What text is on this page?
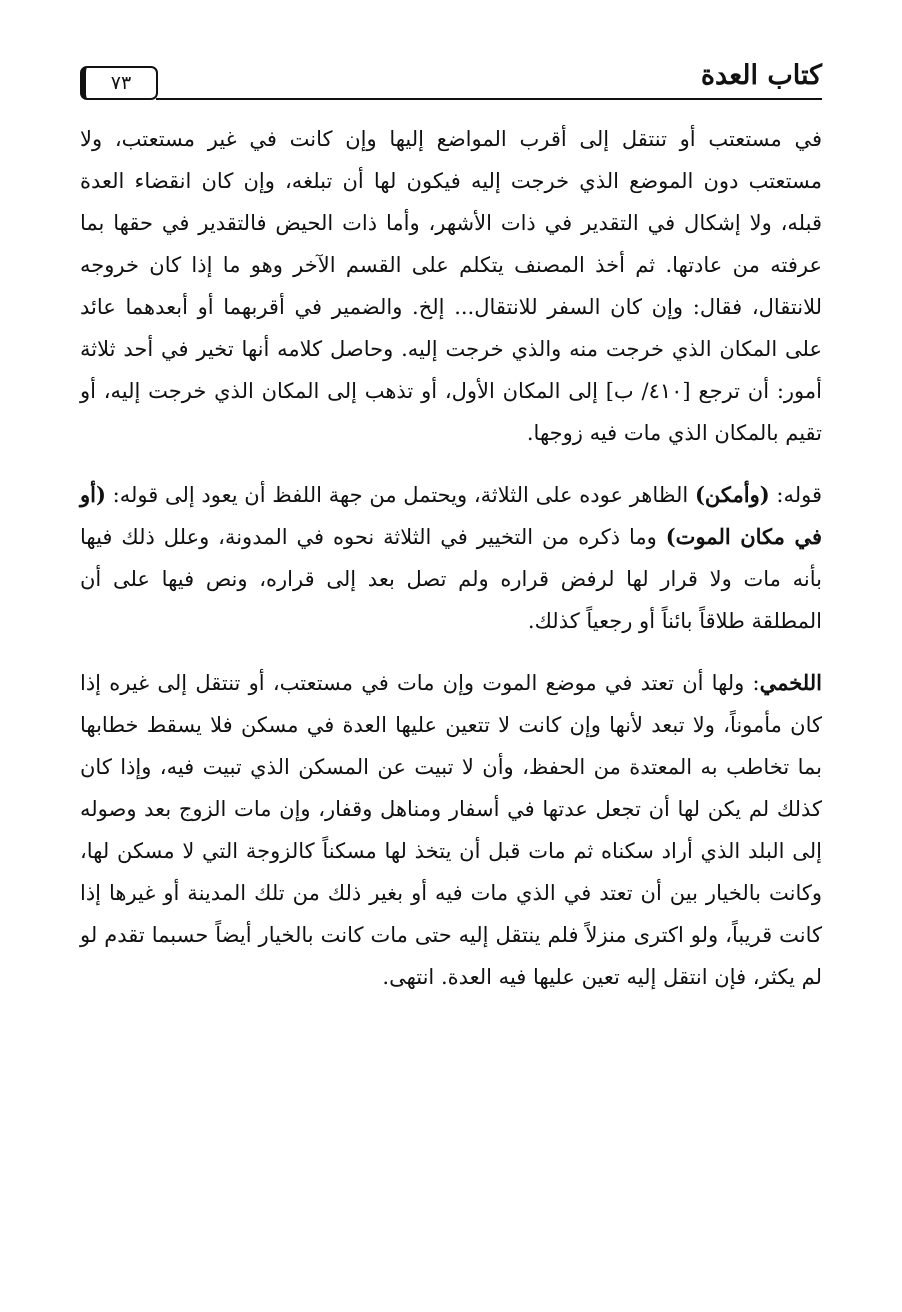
٧٣	كتاب العدة

في مستعتب أو تنتقل إلى أقرب المواضع إليها وإن كانت في غير مستعتب، ولا مستعتب دون الموضع الذي خرجت إليه فيكون لها أن تبلغه، وإن كان انقضاء العدة قبله، ولا إشكال في التقدير في ذات الأشهر، وأما ذات الحيض فالتقدير في حقها بما عرفته من عادتها. ثم أخذ المصنف يتكلم على القسم الآخر وهو ما إذا كان خروجه للانتقال، فقال: وإن كان السفر للانتقال... إلخ. والضمير في أقربهما أو أبعدهما عائد على المكان الذي خرجت منه والذي خرجت إليه. وحاصل كلامه أنها تخير في أحد ثلاثة أمور: أن ترجع [٤١٠/ ب] إلى المكان الأول، أو تذهب إلى المكان الذي خرجت إليه، أو تقيم بالمكان الذي مات فيه زوجها.

قوله: (وأمكن) الظاهر عوده على الثلاثة، ويحتمل من جهة اللفظ أن يعود إلى قوله: (أو في مكان الموت) وما ذكره من التخيير في الثلاثة نحوه في المدونة، وعلل ذلك فيها بأنه مات ولا قرار لها لرفض قراره ولم تصل بعد إلى قراره، ونص فيها على أن المطلقة طلاقاً بائناً أو رجعياً كذلك.

اللخمي: ولها أن تعتد في موضع الموت وإن مات في مستعتب، أو تنتقل إلى غيره إذا كان مأموناً، ولا تبعد لأنها وإن كانت لا تتعين عليها العدة في مسكن فلا يسقط خطابها بما تخاطب به المعتدة من الحفظ، وأن لا تبيت عن المسكن الذي تبيت فيه، وإذا كان كذلك لم يكن لها أن تجعل عدتها في أسفار ومناهل وقفار، وإن مات الزوج بعد وصوله إلى البلد الذي أراد سكناه ثم مات قبل أن يتخذ لها مسكناً كالزوجة التي لا مسكن لها، وكانت بالخيار بين أن تعتد في الذي مات فيه أو بغير ذلك من تلك المدينة أو غيرها إذا كانت قريباً، ولو اكترى منزلاً فلم ينتقل إليه حتى مات كانت بالخيار أيضاً حسبما تقدم لو لم يكثر، فإن انتقل إليه تعين عليها فيه العدة. انتهى.
